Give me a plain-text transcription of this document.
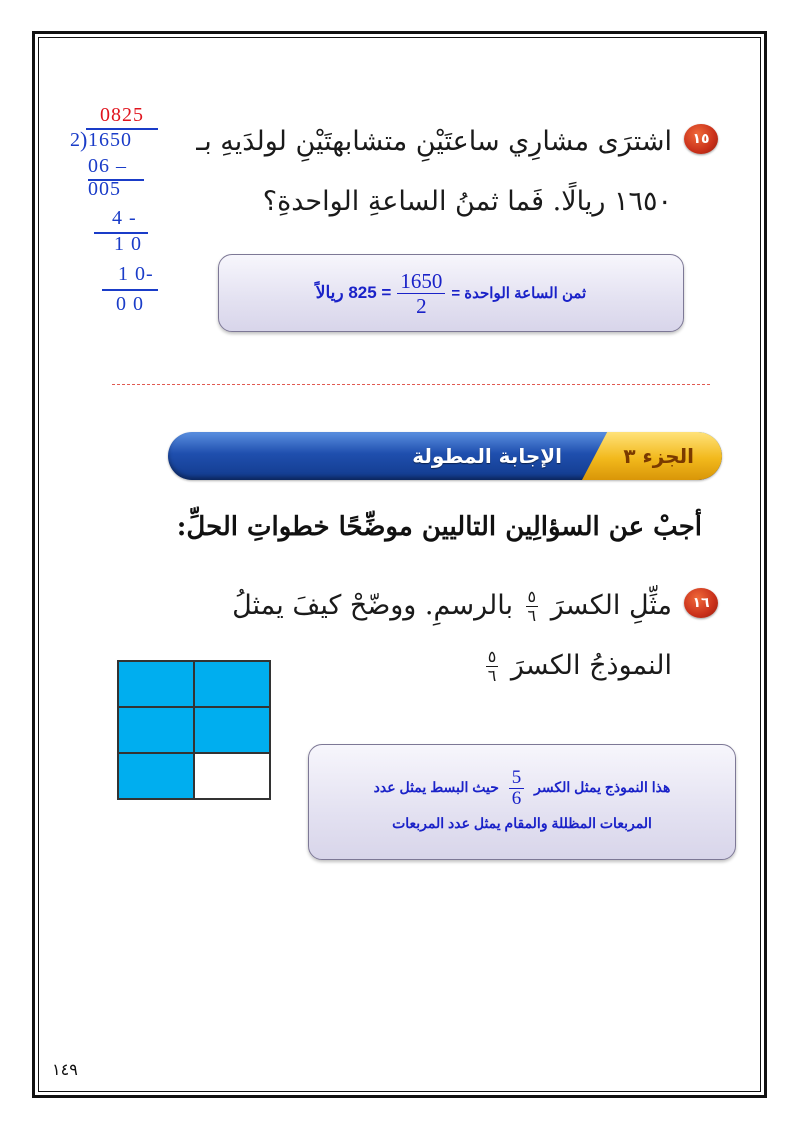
١٥
اشترَى مشارِي ساعتَيْنِ متشابهتَيْنِ لولدَيهِ بـ
١٦٥٠ ريالًا. فَما ثمنُ الساعةِ الواحدةِ؟
0825
2 ) 1650
06 –
005
4 -
1 0
1 0-
0 0	ثمن الساعة الواحدة =
$\frac{1650}{2}$
= 825 ريالاً
الجزء ٣
الإجابة المطولة
أجبْ عن السؤالِين التاليين موضِّحًا خطواتِ الحلِّ:
١٦
مثِّلِ الكسرَ
$\frac{٥}{٦}$
بالرسمِ. ووضّحْ كيفَ يمثلُ
النموذجُ الكسرَ
$\frac{٥}{٦}$
هذا النموذج يمثل الكسر
$\frac{5}{6}$
حيث البسط يمثل عدد
المربعات المظللة والمقام يمثل عدد المربعات
١٤٩
